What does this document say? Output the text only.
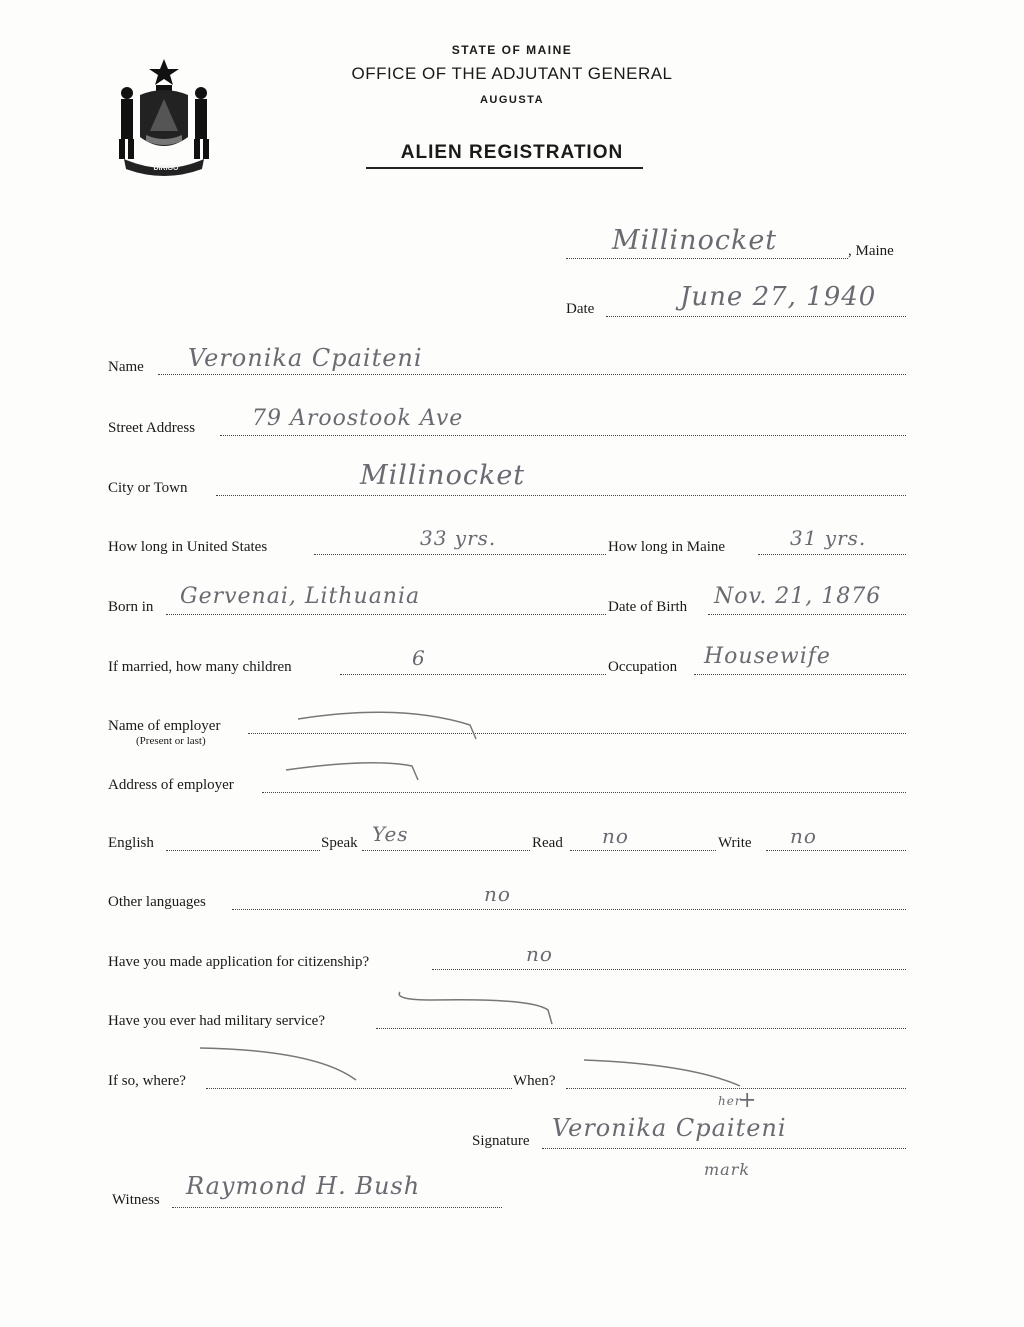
DIRIGO
STATE OF MAINE
OFFICE OF THE ADJUTANT GENERAL
AUGUSTA
ALIEN REGISTRATION
Millinocket	, Maine
Date	June 27, 1940
Name Veronika Cpaiteni
Street Address	79 Aroostook Ave
City or Town	Millinocket
How long in United States	33 yrs.	How long in Maine	31 yrs.
Born in Gervenai, Lithuania	Date of Birth Nov. 21, 1876
If married, how many children	6	Occupation Housewife
Name of employer
(Present or last)
Address of employer
English	Speak Yes	Read no	Write no
Other languages	no
Have you made application for citizenship?	no
Have you ever had military service?
If so, where?	When?
Signature Veronika Cpaiteni
her
+
mark
Witness Raymond H. Bush
